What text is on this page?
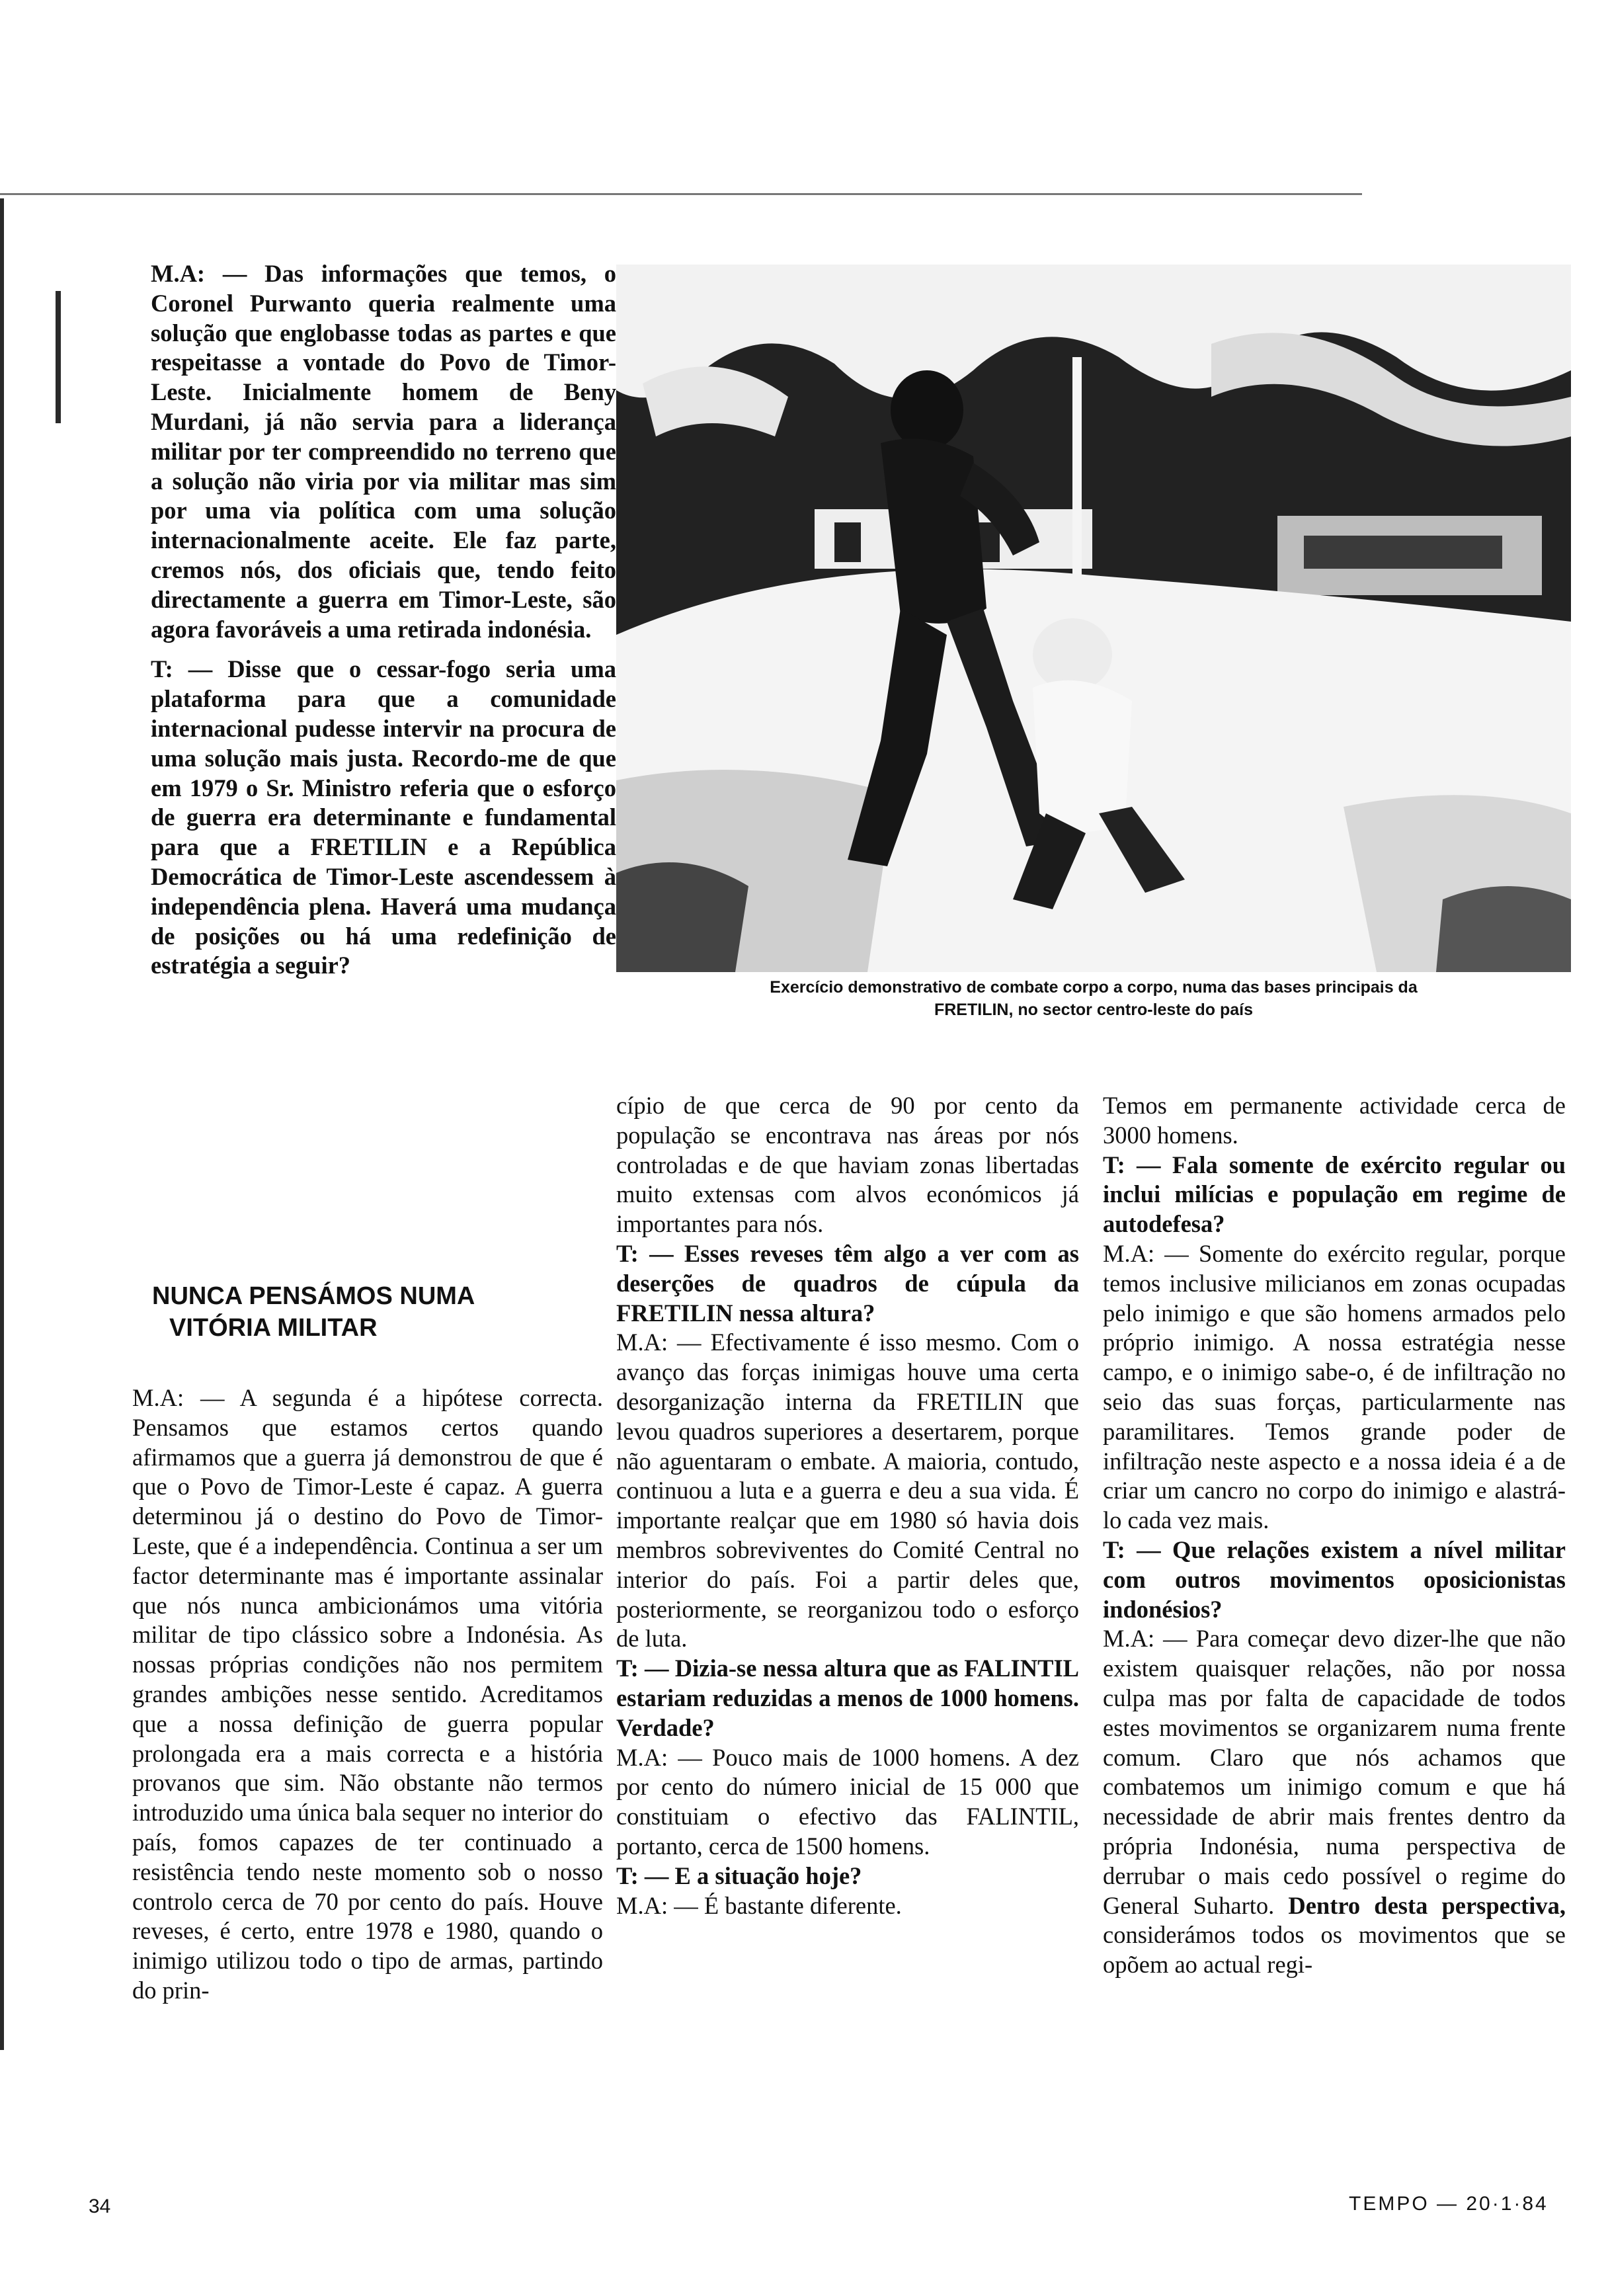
M.A: — Das informações que temos, o Coronel Purwanto queria realmente uma solução que englobasse todas as partes e que respeitasse a vontade do Povo de Timor-Leste. Inicialmente homem de Beny Murdani, já não servia para a liderança militar por ter compreendido no terreno que a solução não viria por via militar mas sim por uma via política com uma solução internacionalmente aceite. Ele faz parte, cremos nós, dos oficiais que, tendo feito directamente a guerra em Timor-Leste, são agora favoráveis a uma retirada indonésia.

T: — Disse que o cessar-fogo seria uma plataforma para que a comunidade internacional pudesse intervir na procura de uma solução mais justa. Recordo-me de que em 1979 o Sr. Ministro referia que o esforço de guerra era determinante e fundamental para que a FRETILIN e a República Democrática de Timor-Leste ascendessem à independência plena. Haverá uma mudança de posições ou há uma redefinição de estratégia a seguir?

NUNCA PENSÁMOS NUMA
VITÓRIA MILITAR

M.A: — A segunda é a hipótese correcta. Pensamos que estamos certos quando afirmamos que a guerra já demonstrou de que é que o Povo de Timor-Leste é capaz. A guerra determinou já o destino do Povo de Timor-Leste, que é a independência. Continua a ser um factor determinante mas é importante assinalar que nós nunca ambicionámos uma vitória militar de tipo clássico sobre a Indonésia. As nossas próprias condições não nos permitem grandes ambições nesse sentido. Acreditamos que a nossa definição de guerra popular prolongada era a mais correcta e a história provanos que sim. Não obstante não termos introduzido uma única bala sequer no interior do país, fomos capazes de ter continuado a resistência tendo neste momento sob o nosso controlo cerca de 70 por cento do país. Houve reveses, é certo, entre 1978 e 1980, quando o inimigo utilizou todo o tipo de armas, partindo do prin-

Exercício demonstrativo de combate corpo a corpo, numa das bases principais da
FRETILIN, no sector centro-leste do país

cípio de que cerca de 90 por cento da população se encontrava nas áreas por nós controladas e de que haviam zonas libertadas muito extensas com alvos económicos já importantes para nós.

T: — Esses reveses têm algo a ver com as deserções de quadros de cúpula da FRETILIN nessa altura?

M.A: — Efectivamente é isso mesmo. Com o avanço das forças inimigas houve uma certa desorganização interna da FRETILIN que levou quadros superiores a desertarem, porque não aguentaram o embate. A maioria, contudo, continuou a luta e a guerra e deu a sua vida. É importante realçar que em 1980 só havia dois membros sobreviventes do Comité Central no interior do país. Foi a partir deles que, posteriormente, se reorganizou todo o esforço de luta.

T: — Dizia-se nessa altura que as FALINTIL estariam reduzidas a menos de 1000 homens. Verdade?

M.A: — Pouco mais de 1000 homens. A dez por cento do número inicial de 15 000 que constituiam o efectivo das FALINTIL, portanto, cerca de 1500 homens.

T: — E a situação hoje?

M.A: — É bastante diferente.

Temos em permanente actividade cerca de 3000 homens.

T: — Fala somente de exército regular ou inclui milícias e população em regime de autodefesa?

M.A: — Somente do exército regular, porque temos inclusive milicianos em zonas ocupadas pelo inimigo e que são homens armados pelo próprio inimigo. A nossa estratégia nesse campo, e o inimigo sabe-o, é de infiltração no seio das suas forças, particularmente nas paramilitares. Temos grande poder de infiltração neste aspecto e a nossa ideia é a de criar um cancro no corpo do inimigo e alastrá-lo cada vez mais.

T: — Que relações existem a nível militar com outros movimentos oposicionistas indonésios?

M.A: — Para começar devo dizer-lhe que não existem quaisquer relações, não por nossa culpa mas por falta de capacidade de todos estes movimentos se organizarem numa frente comum. Claro que nós achamos que combatemos um inimigo comum e que há necessidade de abrir mais frentes dentro da própria Indonésia, numa perspectiva de derrubar o mais cedo possível o regime do General Suharto. Dentro desta perspectiva, considerámos todos os movimentos que se opõem ao actual regi-

34	TEMPO — 20·1·84
